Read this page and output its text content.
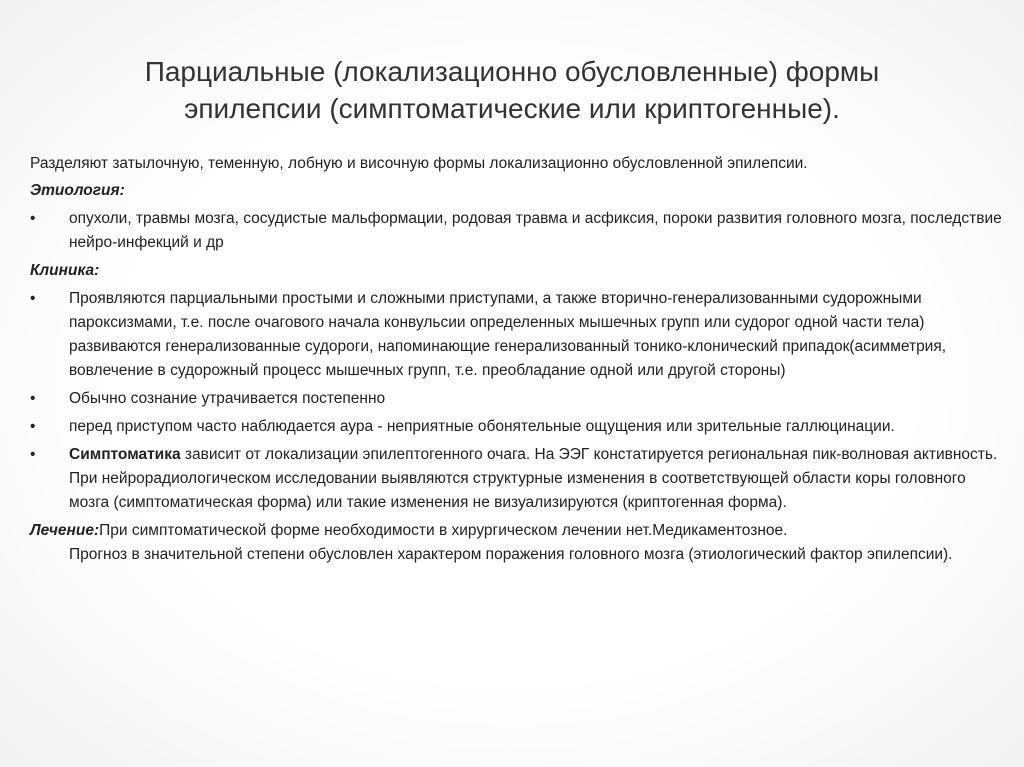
Парциальные (локализационно обусловленные) формы
эпилепсии (симптоматические или криптогенные).

Разделяют затылочную, теменную, лобную и височную формы локализационно обусловленной эпилепсии.

Этиология:

•	опухоли, травмы мозга, сосудистые мальформации, родовая травма и асфиксия, пороки развития головного мозга, последствие нейро-инфекций и др

Клиника:

•	Проявляются парциальными простыми и сложными приступами, а также вторично-генерализованными судорожными пароксизмами, т.е. после очагового начала конвульсии определенных мышечных групп или судорог одной части тела) развиваются генерализованные судороги, напоминающие генерализованный тонико-клонический припадок(асимметрия, вовлечение в судорожный процесс мышечных групп, т.е. преобладание одной или другой стороны)
•	Обычно сознание утрачивается постепенно
•	перед приступом часто наблюдается аура - неприятные обонятельные ощущения или зрительные галлюцинации.
•	Симптоматика зависит от локализации эпилептогенного очага. На ЭЭГ констатируется региональная пик-волновая активность. При нейрорадиологическом исследовании выявляются структурные изменения в соответствующей области коры головного мозга (симптоматическая форма) или такие изменения не визуализируются (криптогенная форма).
Лечение:При симптоматической форме необходимости в хирургическом лечении нет.Медикаментозное.
Прогноз в значительной степени обусловлен характером поражения головного мозга (этиологический фактор эпилепсии).
